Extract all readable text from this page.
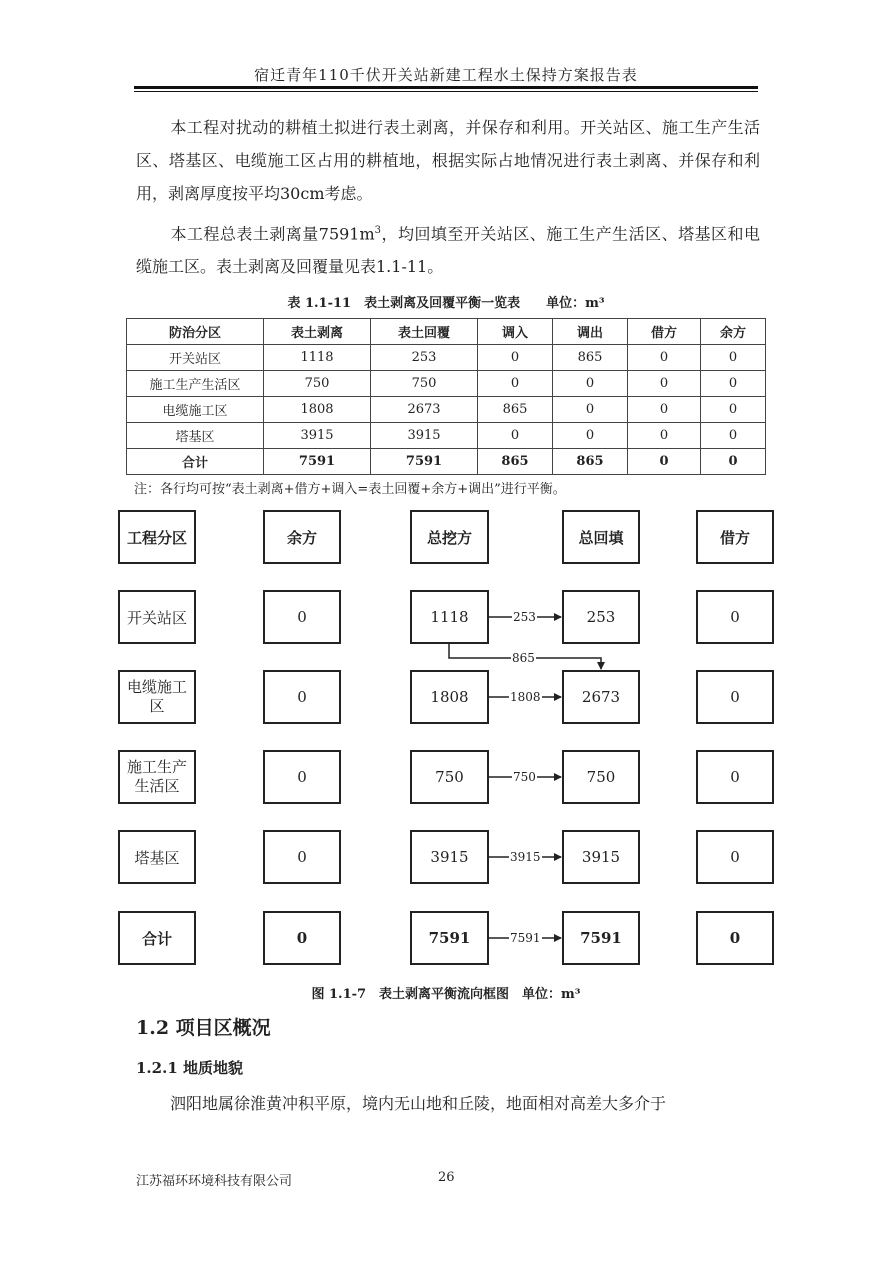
宿迁青年110千伏开关站新建工程水土保持方案报告表
本工程对扰动的耕植土拟进行表土剥离，并保存和利用。开关站区、施工生产生活区、塔基区、电缆施工区占用的耕植地，根据实际占地情况进行表土剥离、并保存和利用，剥离厚度按平均30cm考虑。
本工程总表土剥离量$7591m^3$，均回填至开关站区、施工生产生活区、塔基区和电缆施工区。表土剥离及回覆量见表1.1-11。
表 1.1-11　表土剥离及回覆平衡一览表　　单位：m³
防治分区	表土剥离	表土回覆	调入	调出	借方	余方
开关站区	1118	253	0	865	0	0
施工生产生活区	750	750	0	0	0	0
电缆施工区	1808	2673	865	0	0	0
塔基区	3915	3915	0	0	0	0
合计	7591	7591	865	865	0	0
注：各行均可按“表土剥离+借方+调入=表土回覆+余方+调出”进行平衡。
工程分区	余方	总挖方	总回填	借方
开关站区	0	1118	253	0
253
865
电缆施工区	0	1808	2673	0
1808
施工生产生活区	0	750	750	0
750
塔基区	0	3915	3915	0
3915
合计	0	7591	7591	0
7591
图 1.1-7　表土剥离平衡流向框图　单位：m³
1.2 项目区概况
1.2.1 地质地貌
泗阳地属徐淮黄冲积平原，境内无山地和丘陵，地面相对高差大多介于
江苏福环环境科技有限公司	26
